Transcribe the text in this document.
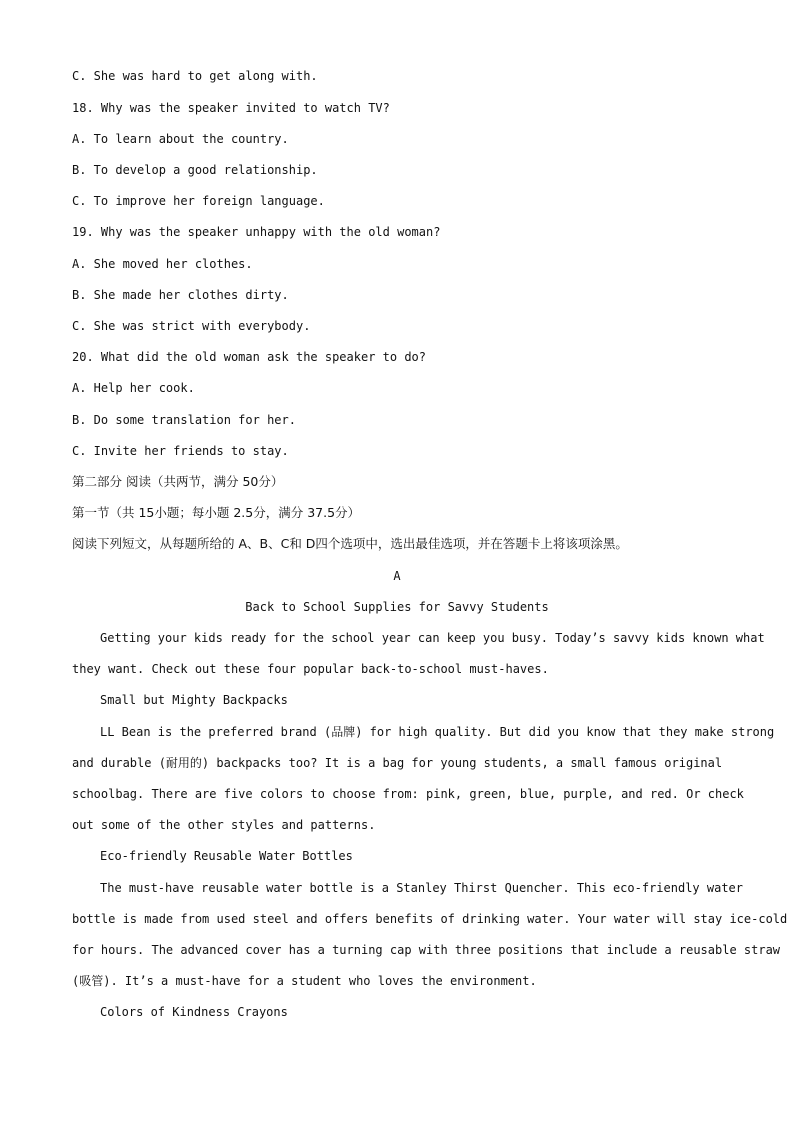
C. She was hard to get along with.
18. Why was the speaker invited to watch TV?
A. To learn about the country.
B. To develop a good relationship.
C. To improve her foreign language.
19. Why was the speaker unhappy with the old woman?
A. She moved her clothes.
B. She made her clothes dirty.
C. She was strict with everybody.
20. What did the old woman ask the speaker to do?
A. Help her cook.
B. Do some translation for her.
C. Invite her friends to stay.
第二部分 阅读（共两节，满分 50分）
第一节（共 15小题；每小题 2.5分，满分 37.5分）
阅读下列短文，从每题所给的 A、B、C和 D四个选项中，选出最佳选项，并在答题卡上将该项涂黑。
A
Back to School Supplies for Savvy Students
Getting your kids ready for the school year can keep you busy. Today’s savvy kids known what
they want. Check out these four popular back-to-school must-haves.
Small but Mighty Backpacks
LL Bean is the preferred brand (品牌) for high quality. But did you know that they make strong
and durable (耐用的) backpacks too? It is a bag for young students, a small famous original
schoolbag. There are five colors to choose from: pink, green, blue, purple, and red. Or check
out some of the other styles and patterns.
Eco-friendly Reusable Water Bottles
The must-have reusable water bottle is a Stanley Thirst Quencher. This eco-friendly water
bottle is made from used steel and offers benefits of drinking water. Your water will stay ice-cold
for hours. The advanced cover has a turning cap with three positions that include a reusable straw
(吸管). It’s a must-have for a student who loves the environment.
Colors of Kindness Crayons
